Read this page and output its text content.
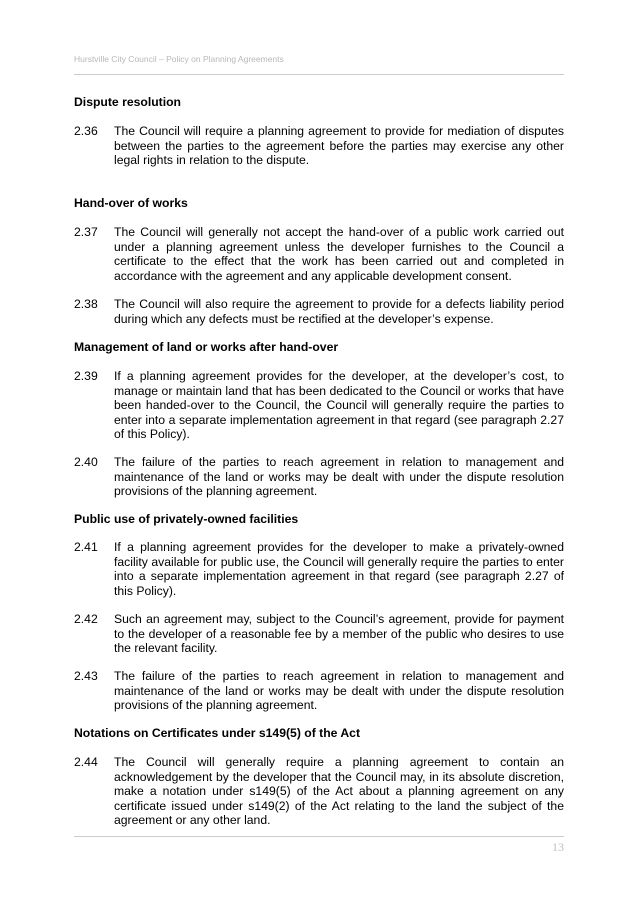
Hurstville City Council – Policy on Planning Agreements
Dispute resolution
2.36 The Council will require a planning agreement to provide for mediation of disputes between the parties to the agreement before the parties may exercise any other legal rights in relation to the dispute.
Hand-over of works
2.37 The Council will generally not accept the hand-over of a public work carried out under a planning agreement unless the developer furnishes to the Council a certificate to the effect that the work has been carried out and completed in accordance with the agreement and any applicable development consent.
2.38 The Council will also require the agreement to provide for a defects liability period during which any defects must be rectified at the developer’s expense.
Management of land or works after hand-over
2.39 If a planning agreement provides for the developer, at the developer’s cost, to manage or maintain land that has been dedicated to the Council or works that have been handed-over to the Council, the Council will generally require the parties to enter into a separate implementation agreement in that regard (see paragraph 2.27 of this Policy).
2.40 The failure of the parties to reach agreement in relation to management and maintenance of the land or works may be dealt with under the dispute resolution provisions of the planning agreement.
Public use of privately-owned facilities
2.41 If a planning agreement provides for the developer to make a privately-owned facility available for public use, the Council will generally require the parties to enter into a separate implementation agreement in that regard (see paragraph 2.27 of this Policy).
2.42 Such an agreement may, subject to the Council’s agreement, provide for payment to the developer of a reasonable fee by a member of the public who desires to use the relevant facility.
2.43 The failure of the parties to reach agreement in relation to management and maintenance of the land or works may be dealt with under the dispute resolution provisions of the planning agreement.
Notations on Certificates under s149(5) of the Act
2.44 The Council will generally require a planning agreement to contain an acknowledgement by the developer that the Council may, in its absolute discretion, make a notation under s149(5) of the Act about a planning agreement on any certificate issued under s149(2) of the Act relating to the land the subject of the agreement or any other land.
13
